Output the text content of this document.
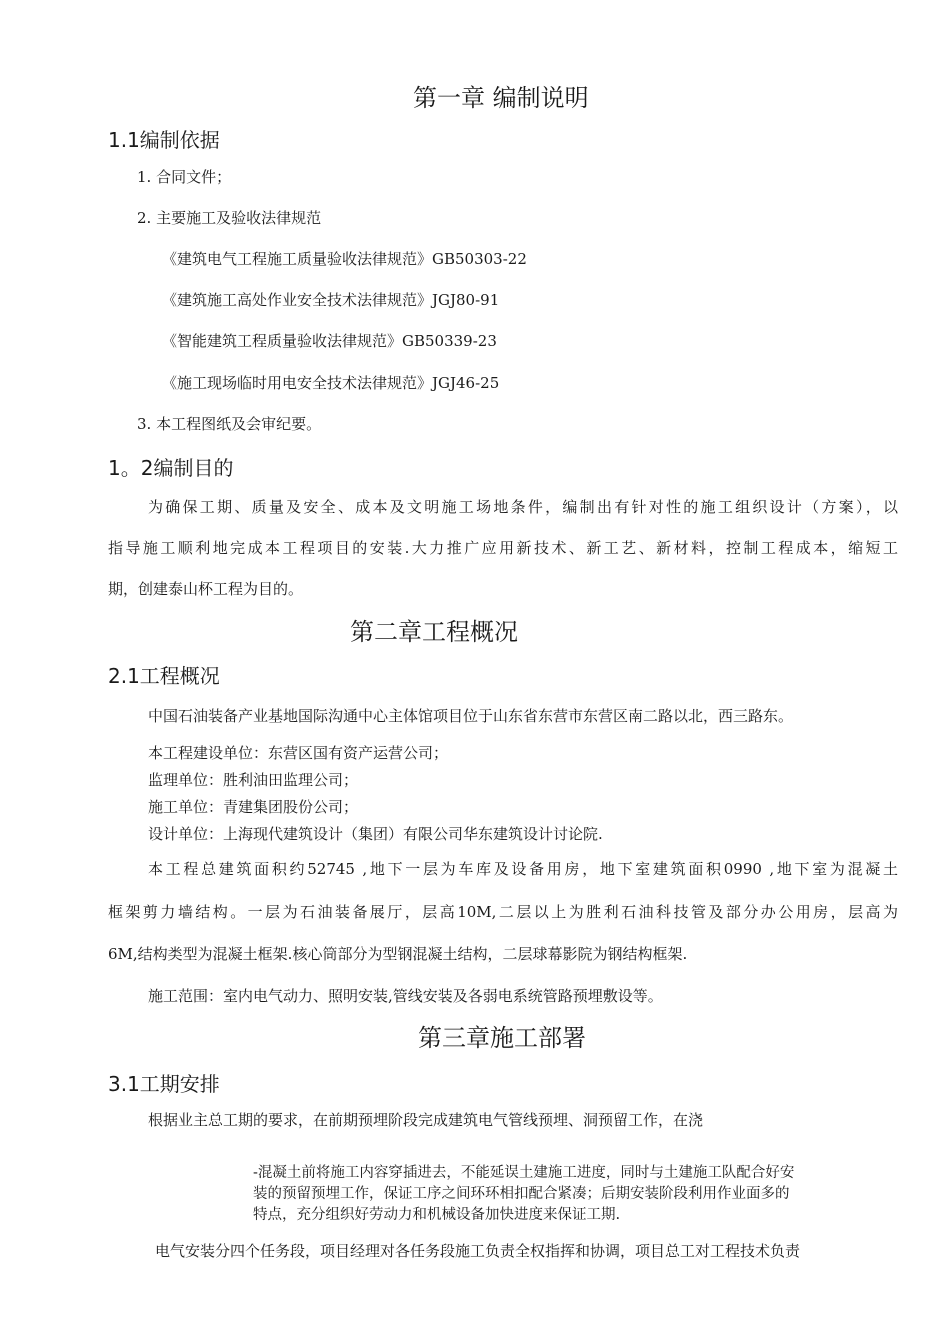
第一章 编制说明
1.1编制依据
1. 合同文件；
2. 主要施工及验收法律规范
《建筑电气工程施工质量验收法律规范》GB50303-22
《建筑施工高处作业安全技术法律规范》JGJ80-91
《智能建筑工程质量验收法律规范》GB50339-23
《施工现场临时用电安全技术法律规范》JGJ46-25
3. 本工程图纸及会审纪要。
1。2编制目的
为确保工期、质量及安全、成本及文明施工场地条件，编制出有针对性的施工组织设计（方案），以
指导施工顺利地完成本工程项目的安装.大力推广应用新技术、新工艺、新材料，控制工程成本，缩短工
期，创建泰山杯工程为目的。
第二章工程概况
2.1工程概况
中国石油装备产业基地国际沟通中心主体馆项目位于山东省东营市东营区南二路以北，西三路东。
本工程建设单位：东营区国有资产运营公司；
监理单位：胜利油田监理公司；
施工单位：青建集团股份公司；
设计单位：上海现代建筑设计（集团）有限公司华东建筑设计讨论院.
本工程总建筑面积约52745 ,地下一层为车库及设备用房，地下室建筑面积0990 ,地下室为混凝土
框架剪力墙结构。一层为石油装备展厅，层高10M,二层以上为胜利石油科技管及部分办公用房，层高为
6M,结构类型为混凝土框架.核心筒部分为型钢混凝土结构，二层球幕影院为钢结构框架.
施工范围：室内电气动力、照明安装,管线安装及各弱电系统管路预埋敷设等。
第三章施工部署
3.1工期安排
根据业主总工期的要求，在前期预埋阶段完成建筑电气管线预埋、洞预留工作，在浇
-混凝土前将施工内容穿插进去，不能延误土建施工进度，同时与土建施工队配合好安
装的预留预埋工作，保证工序之间环环相扣配合紧凑；后期安装阶段利用作业面多的
特点，充分组织好劳动力和机械设备加快进度来保证工期.
电气安装分四个任务段，项目经理对各任务段施工负责全权指挥和协调，项目总工对工程技术负责
